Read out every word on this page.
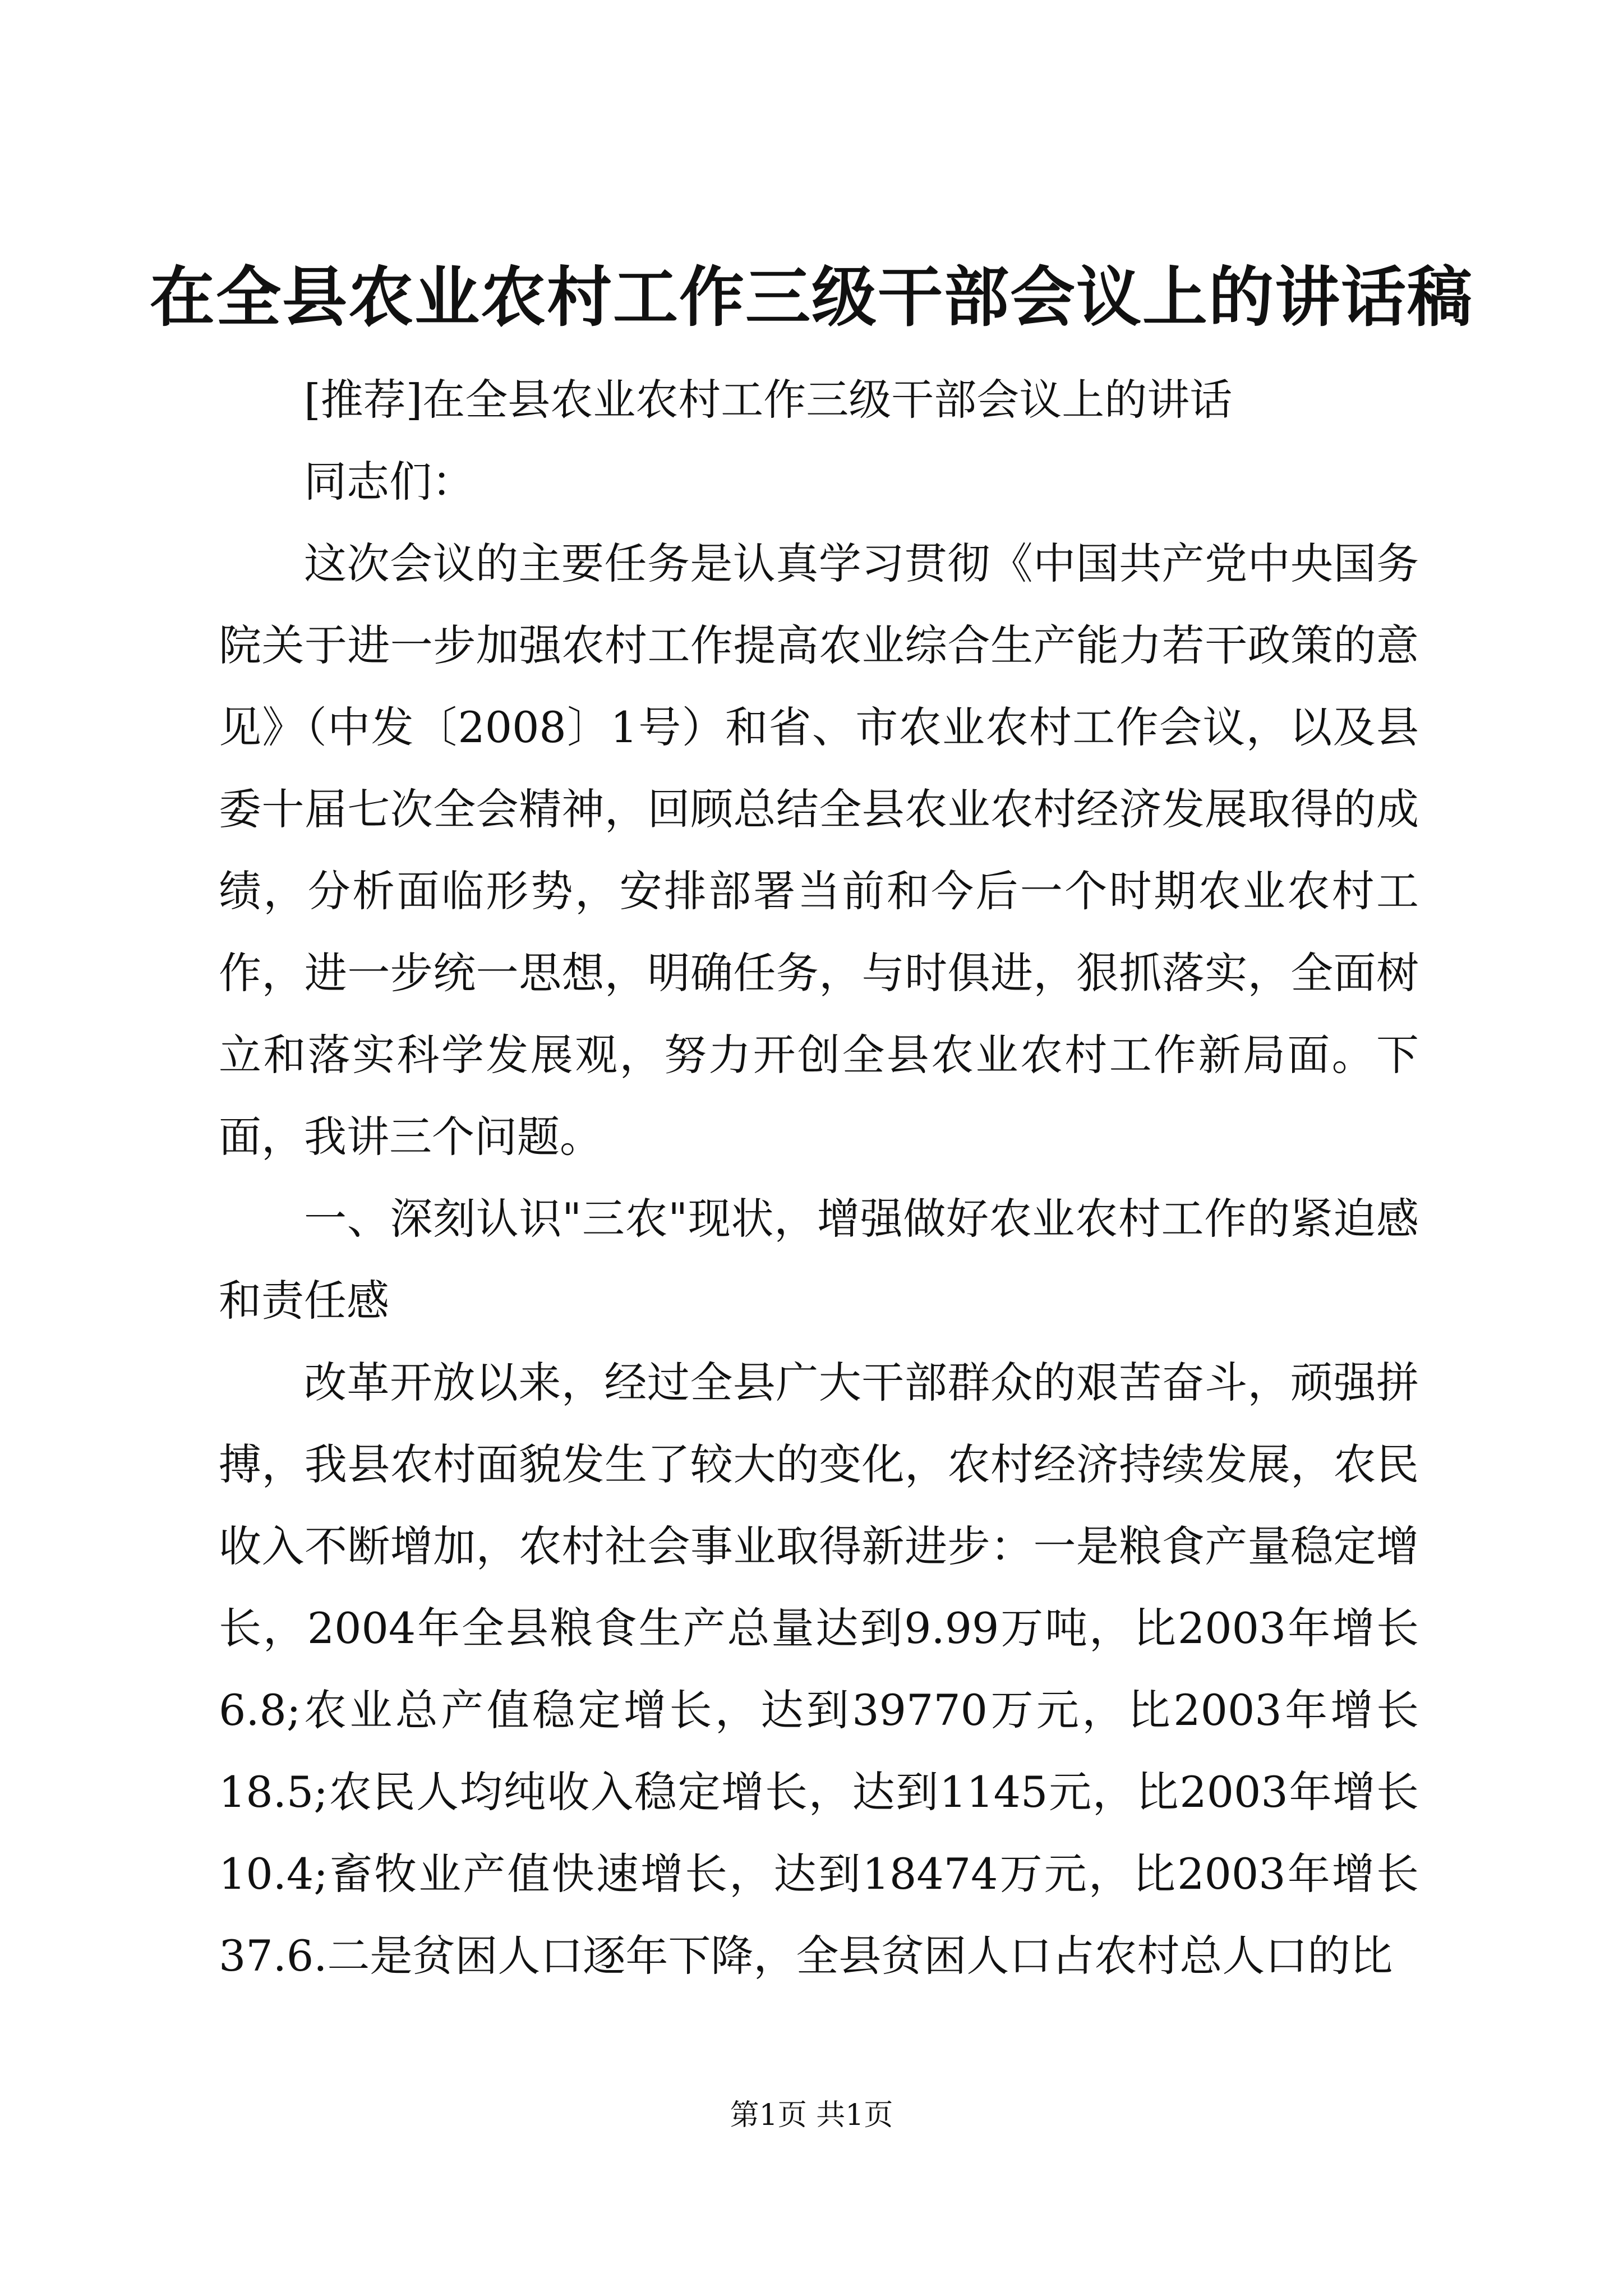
在全县农业农村工作三级干部会议上的讲话稿

[推荐]在全县农业农村工作三级干部会议上的讲话

同志们：

这次会议的主要任务是认真学习贯彻《中国共产党中央国务院关于进一步加强农村工作提高农业综合生产能力若干政策的意见》（中发〔2008〕1号）和省、市农业农村工作会议，以及县委十届七次全会精神，回顾总结全县农业农村经济发展取得的成绩，分析面临形势，安排部署当前和今后一个时期农业农村工作，进一步统一思想，明确任务，与时俱进，狠抓落实，全面树立和落实科学发展观，努力开创全县农业农村工作新局面。下面，我讲三个问题。

一、深刻认识"三农"现状，增强做好农业农村工作的紧迫感和责任感

改革开放以来，经过全县广大干部群众的艰苦奋斗，顽强拼搏，我县农村面貌发生了较大的变化，农村经济持续发展，农民收入不断增加，农村社会事业取得新进步：一是粮食产量稳定增长，2004年全县粮食生产总量达到9.99万吨，比2003年增长6.8;农业总产值稳定增长，达到39770万元，比2003年增长18.5;农民人均纯收入稳定增长，达到1145元，比2003年增长10.4;畜牧业产值快速增长，达到18474万元，比2003年增长37.6.二是贫困人口逐年下降，全县贫困人口占农村总人口的比

第1页 共1页
